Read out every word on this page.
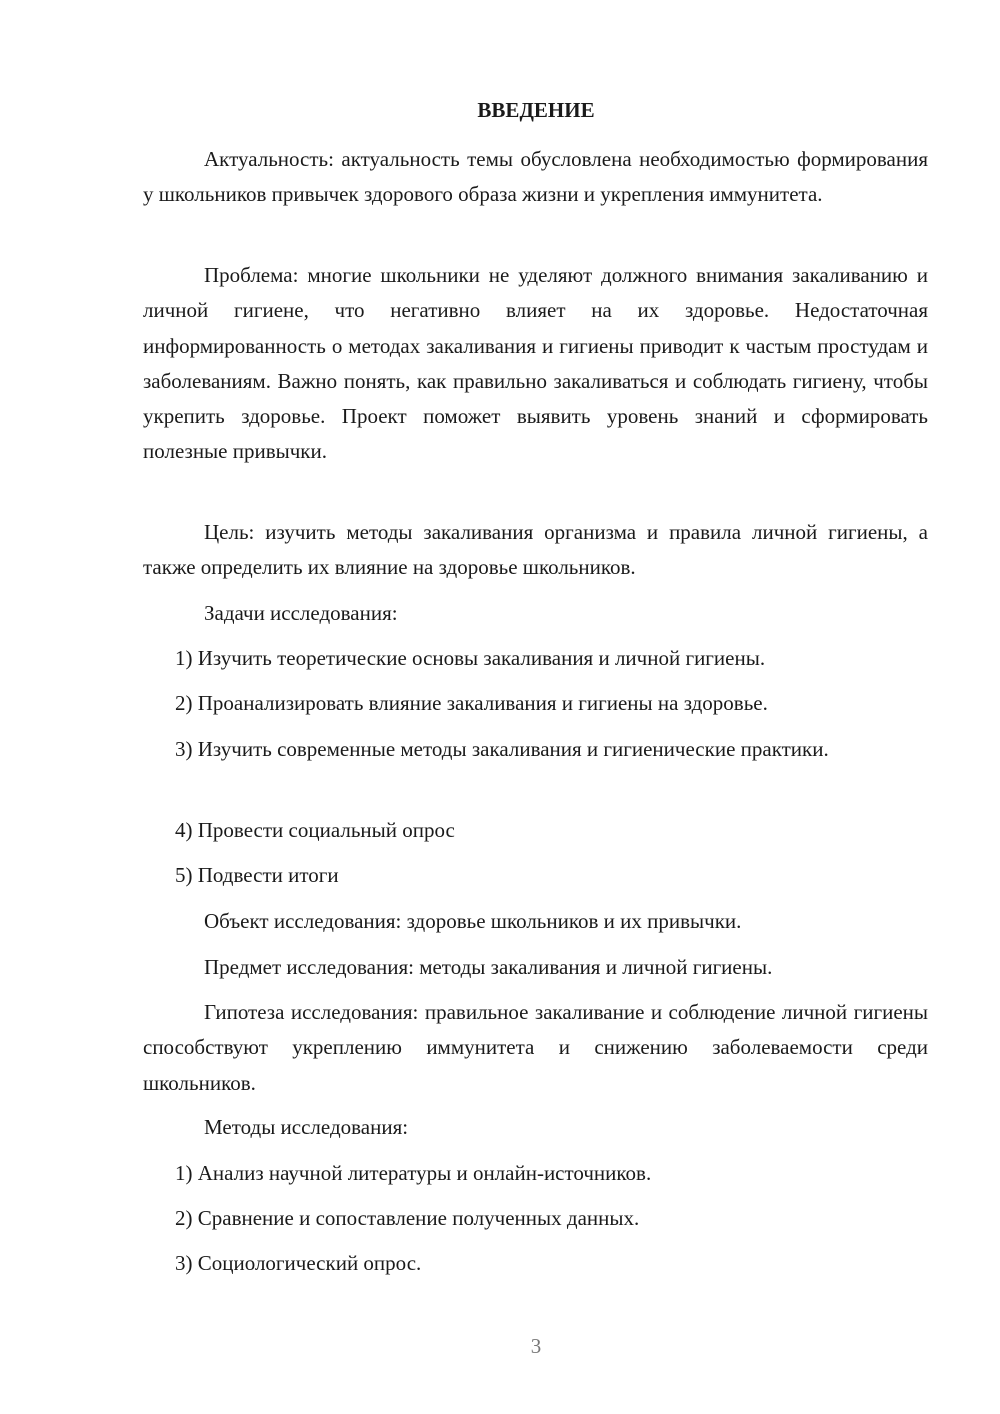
ВВЕДЕНИЕ

Актуальность: актуальность темы обусловлена необходимостью формирования у школьников привычек здорового образа жизни и укрепления иммунитета.

Проблема: многие школьники не уделяют должного внимания закаливанию и личной гигиене, что негативно влияет на их здоровье. Недостаточная информированность о методах закаливания и гигиены приводит к частым простудам и заболеваниям. Важно понять, как правильно закаливаться и соблюдать гигиену, чтобы укрепить здоровье. Проект поможет выявить уровень знаний и сформировать полезные привычки.

Цель: изучить методы закаливания организма и правила личной гигиены, а также определить их влияние на здоровье школьников.

Задачи исследования:

1) Изучить теоретические основы закаливания и личной гигиены.

2) Проанализировать влияние закаливания и гигиены на здоровье.

3) Изучить современные методы закаливания и гигиенические практики.

4) Провести социальный опрос

5) Подвести итоги

Объект исследования: здоровье школьников и их привычки.

Предмет исследования: методы закаливания и личной гигиены.

Гипотеза исследования: правильное закаливание и соблюдение личной гигиены способствуют укреплению иммунитета и снижению заболеваемости среди школьников.

Методы исследования:

1) Анализ научной литературы и онлайн-источников.

2) Сравнение и сопоставление полученных данных.

3) Социологический опрос.

3
